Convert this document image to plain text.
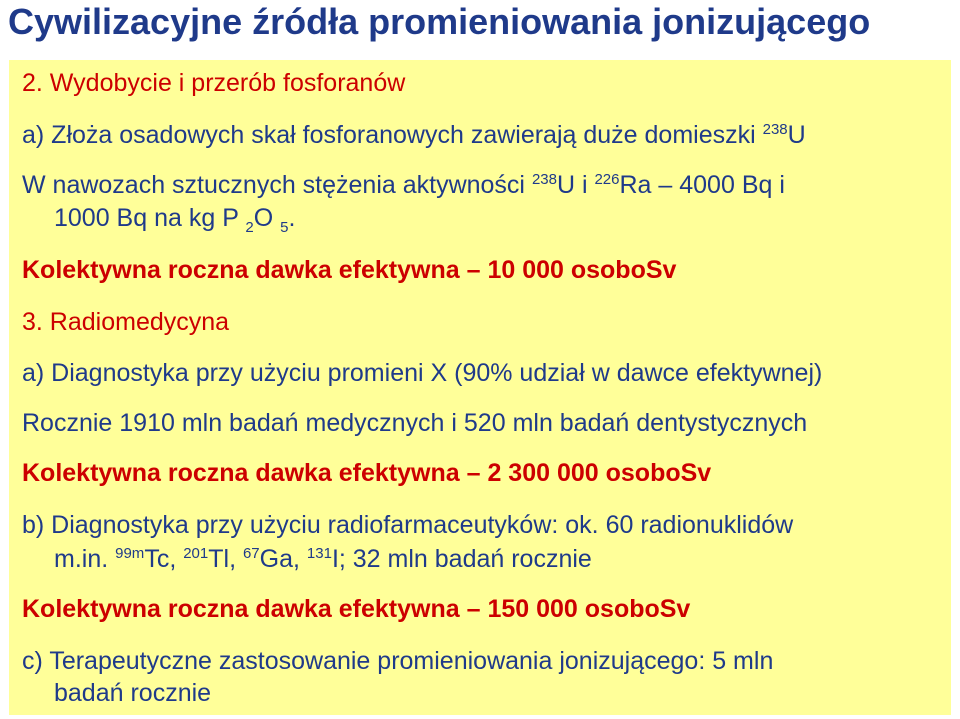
Cywilizacyjne źródła promieniowania jonizującego
2. Wydobycie i przerób fosforanów
a) Złoża osadowych skał fosforanowych zawierają duże domieszki $^{238}$U
W nawozach sztucznych stężenia aktywności $^{238}$U i $^{226}$Ra – 4000 Bq i
1000 Bq na kg P $_2$O $_5$.
Kolektywna roczna dawka efektywna – 10 000 osoboSv
3. Radiomedycyna
a) Diagnostyka przy użyciu promieni X (90% udział w dawce efektywnej)
Rocznie 1910 mln badań medycznych i 520 mln badań dentystycznych
Kolektywna roczna dawka efektywna – 2 300 000 osoboSv
b) Diagnostyka przy użyciu radiofarmaceutyków: ok. 60 radionuklidów
m.in. $^{99m}$Tc, $^{201}$Tl, $^{67}$Ga, $^{131}$I; 32 mln badań rocznie
Kolektywna roczna dawka efektywna – 150 000 osoboSv
c) Terapeutyczne zastosowanie promieniowania jonizującego: 5 mln
badań rocznie
